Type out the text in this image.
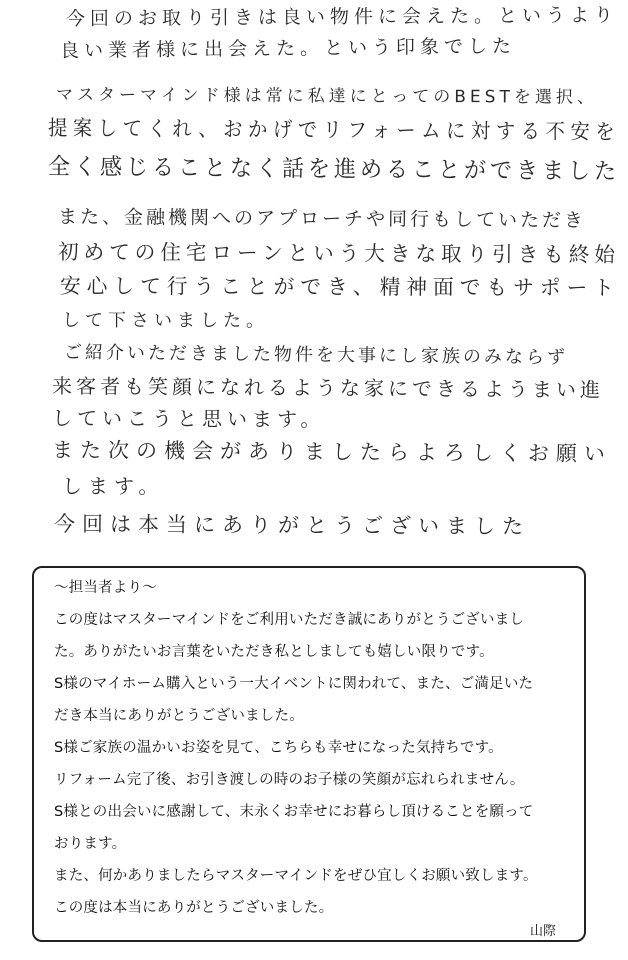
今回のお取り引きは良い物件に会えた。というより
良い業者様に出会えた。という印象でした
マスターマインド様は常に私達にとってのBESTを選択、
提案してくれ、おかげでリフォームに対する不安を
全く感じることなく話を進めることができました
また、金融機関へのアプローチや同行もしていただき
初めての住宅ローンという大きな取り引きも終始
安心して行うことができ、精神面でもサポート
して下さいました。
ご紹介いただきました物件を大事にし家族のみならず
来客者も笑顔になれるような家にできるようまい進
していこうと思います。
また次の機会がありましたらよろしくお願い
します。
今回は本当にありがとうございました
～担当者より～
この度はマスターマインドをご利用いただき誠にありがとうございまし
た。ありがたいお言葉をいただき私としましても嬉しい限りです。
S様のマイホーム購入という一大イベントに関われて、また、ご満足いた
だき本当にありがとうございました。
S様ご家族の温かいお姿を見て、こちらも幸せになった気持ちです。
リフォーム完了後、お引き渡しの時のお子様の笑顔が忘れられません。
S様との出会いに感謝して、末永くお幸せにお暮らし頂けることを願って
おります。
また、何かありましたらマスターマインドをぜひ宜しくお願い致します。
この度は本当にありがとうございました。
山際
